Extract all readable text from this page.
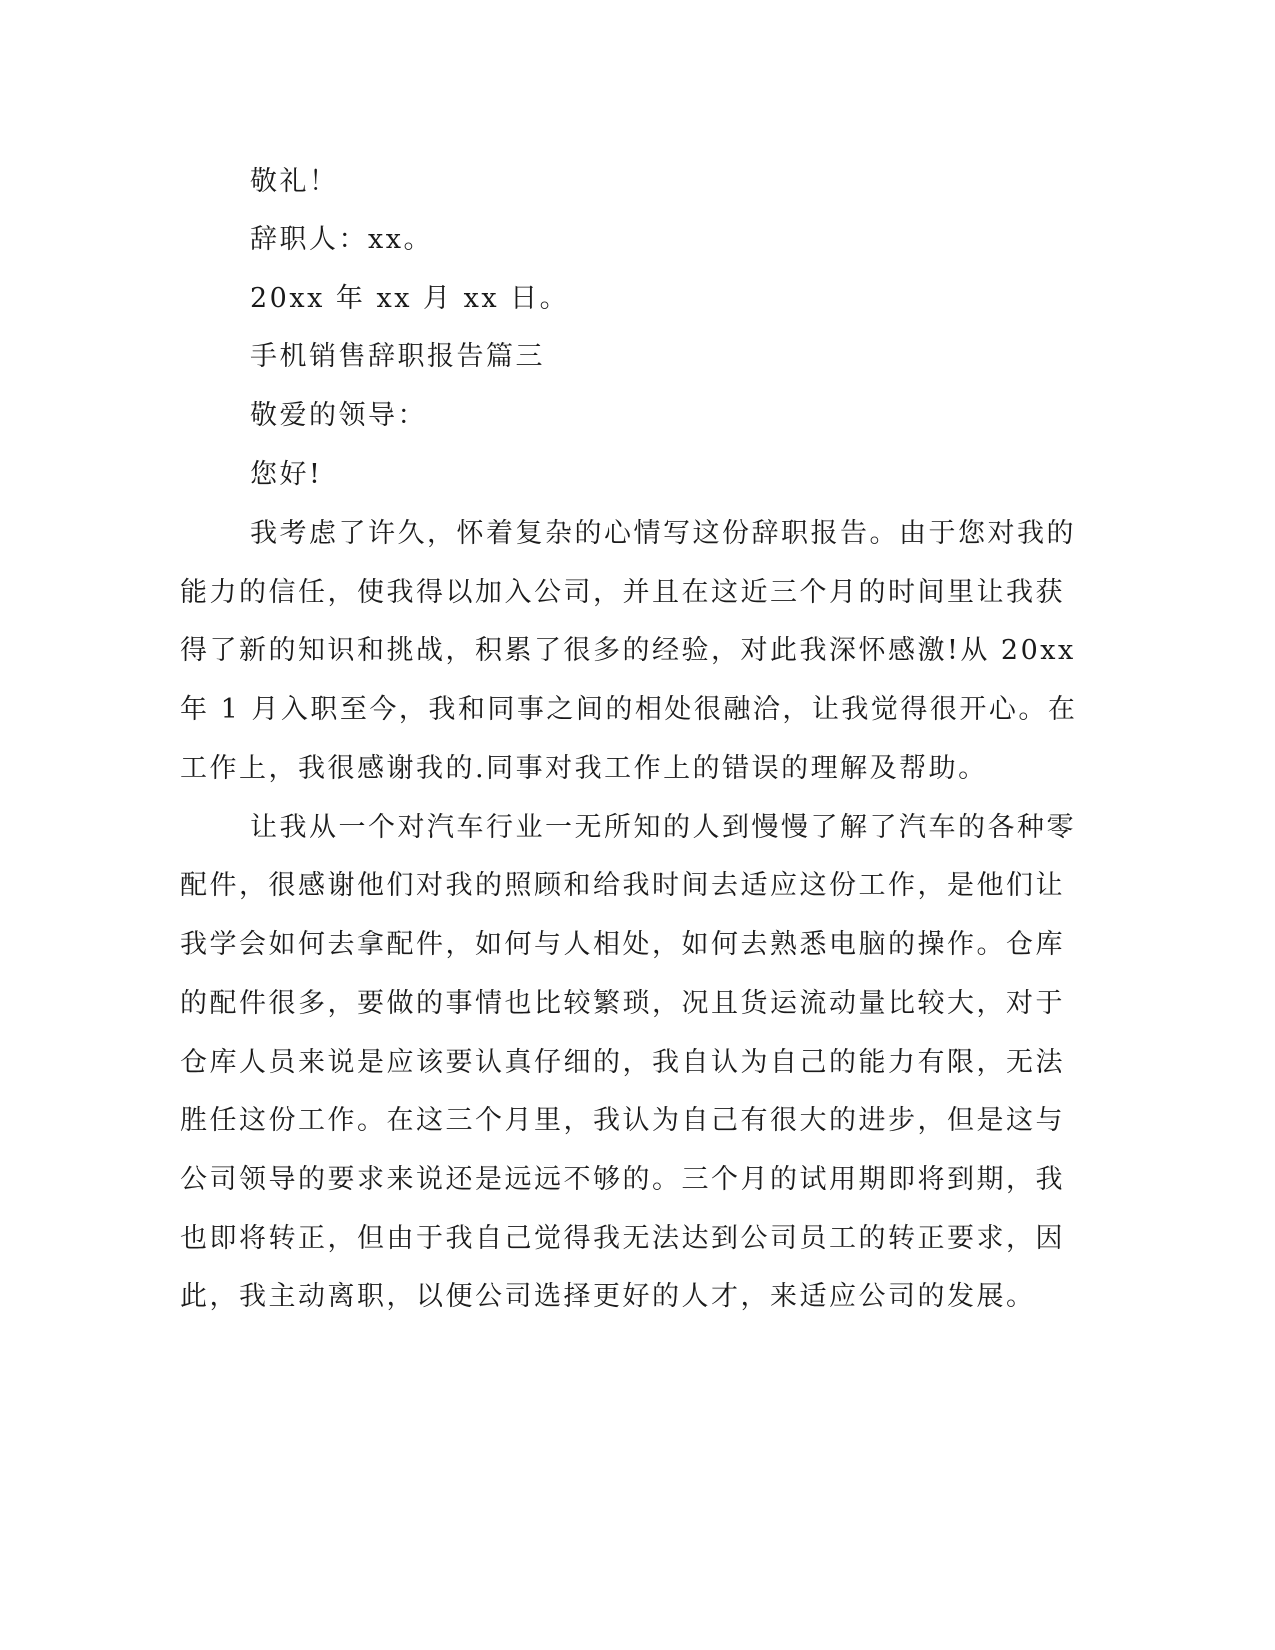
敬礼！
辞职人：xx。
20xx 年 xx 月 xx 日。
手机销售辞职报告篇三
敬爱的领导：
您好!
我考虑了许久，怀着复杂的心情写这份辞职报告。由于您对我的
能力的信任，使我得以加入公司，并且在这近三个月的时间里让我获
得了新的知识和挑战，积累了很多的经验，对此我深怀感激!从 20xx
年 1 月入职至今，我和同事之间的相处很融洽，让我觉得很开心。在
工作上，我很感谢我的.同事对我工作上的错误的理解及帮助。
让我从一个对汽车行业一无所知的人到慢慢了解了汽车的各种零
配件，很感谢他们对我的照顾和给我时间去适应这份工作，是他们让
我学会如何去拿配件，如何与人相处，如何去熟悉电脑的操作。仓库
的配件很多，要做的事情也比较繁琐，况且货运流动量比较大，对于
仓库人员来说是应该要认真仔细的，我自认为自己的能力有限，无法
胜任这份工作。在这三个月里，我认为自己有很大的进步，但是这与
公司领导的要求来说还是远远不够的。三个月的试用期即将到期，我
也即将转正，但由于我自己觉得我无法达到公司员工的转正要求，因
此，我主动离职，以便公司选择更好的人才，来适应公司的发展。
